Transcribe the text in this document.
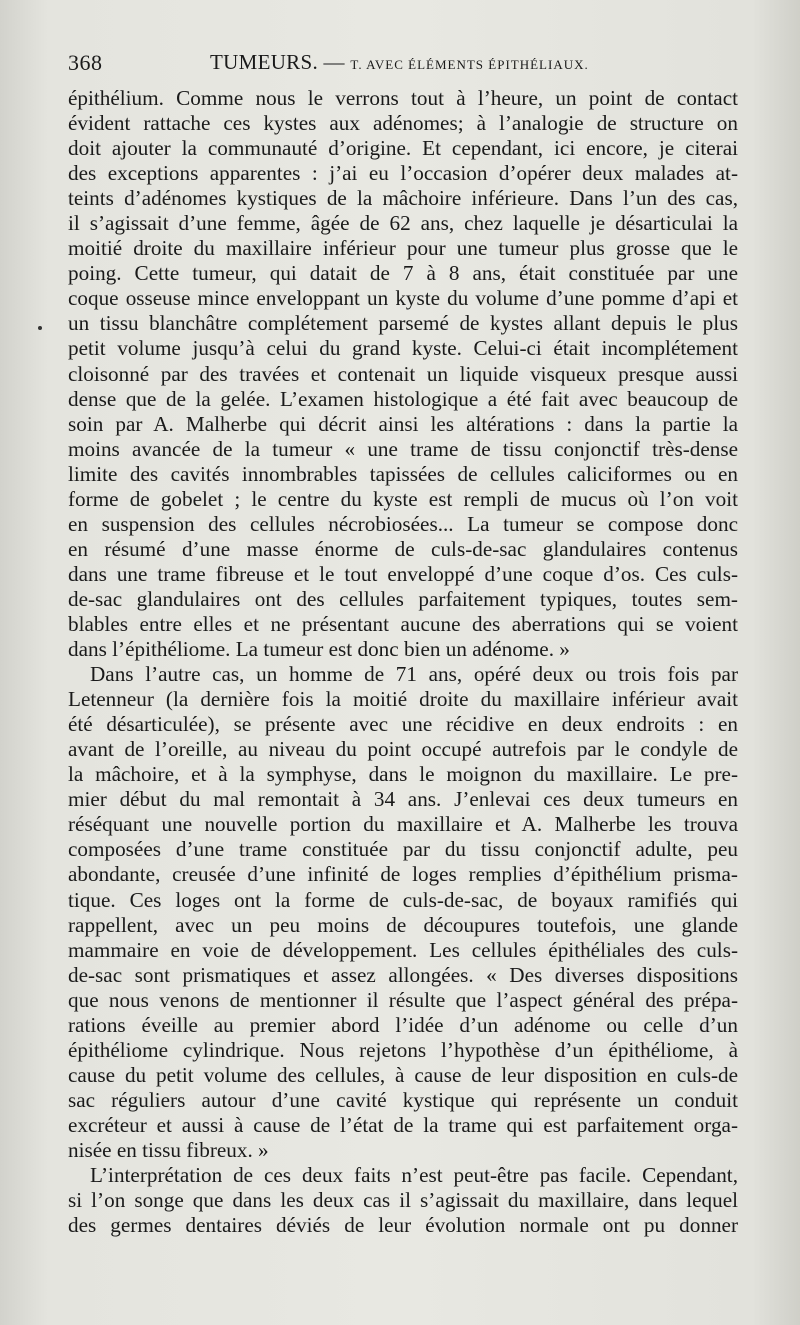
368	TUMEURS. — T. AVEC ÉLÉMENTS ÉPITHÉLIAUX.
épithélium. Comme nous le verrons tout à l’heure, un point de contact
évident rattache ces kystes aux adénomes; à l’analogie de structure on
doit ajouter la communauté d’origine. Et cependant, ici encore, je citerai
des exceptions apparentes : j’ai eu l’occasion d’opérer deux malades at-
teints d’adénomes kystiques de la mâchoire inférieure. Dans l’un des cas,
il s’agissait d’une femme, âgée de 62 ans, chez laquelle je désarticulai la
moitié droite du maxillaire inférieur pour une tumeur plus grosse que le
poing. Cette tumeur, qui datait de 7 à 8 ans, était constituée par une
coque osseuse mince enveloppant un kyste du volume d’une pomme d’api et
un tissu blanchâtre complétement parsemé de kystes allant depuis le plus
petit volume jusqu’à celui du grand kyste. Celui-ci était incomplétement
cloisonné par des travées et contenait un liquide visqueux presque aussi
dense que de la gelée. L’examen histologique a été fait avec beaucoup de
soin par A. Malherbe qui décrit ainsi les altérations : dans la partie la
moins avancée de la tumeur « une trame de tissu conjonctif très-dense
limite des cavités innombrables tapissées de cellules caliciformes ou en
forme de gobelet ; le centre du kyste est rempli de mucus où l’on voit
en suspension des cellules nécrobiosées... La tumeur se compose donc
en résumé d’une masse énorme de culs-de-sac glandulaires contenus
dans une trame fibreuse et le tout enveloppé d’une coque d’os. Ces culs-
de-sac glandulaires ont des cellules parfaitement typiques, toutes sem-
blables entre elles et ne présentant aucune des aberrations qui se voient
dans l’épithéliome. La tumeur est donc bien un adénome. »
Dans l’autre cas, un homme de 71 ans, opéré deux ou trois fois par
Letenneur (la dernière fois la moitié droite du maxillaire inférieur avait
été désarticulée), se présente avec une récidive en deux endroits : en
avant de l’oreille, au niveau du point occupé autrefois par le condyle de
la mâchoire, et à la symphyse, dans le moignon du maxillaire. Le pre-
mier début du mal remontait à 34 ans. J’enlevai ces deux tumeurs en
réséquant une nouvelle portion du maxillaire et A. Malherbe les trouva
composées d’une trame constituée par du tissu conjonctif adulte, peu
abondante, creusée d’une infinité de loges remplies d’épithélium prisma-
tique. Ces loges ont la forme de culs-de-sac, de boyaux ramifiés qui
rappellent, avec un peu moins de découpures toutefois, une glande
mammaire en voie de développement. Les cellules épithéliales des culs-
de-sac sont prismatiques et assez allongées. « Des diverses dispositions
que nous venons de mentionner il résulte que l’aspect général des prépa-
rations éveille au premier abord l’idée d’un adénome ou celle d’un
épithéliome cylindrique. Nous rejetons l’hypothèse d’un épithéliome, à
cause du petit volume des cellules, à cause de leur disposition en culs-de
sac réguliers autour d’une cavité kystique qui représente un conduit
excréteur et aussi à cause de l’état de la trame qui est parfaitement orga-
nisée en tissu fibreux. »
L’interprétation de ces deux faits n’est peut-être pas facile. Cependant,
si l’on songe que dans les deux cas il s’agissait du maxillaire, dans lequel
des germes dentaires déviés de leur évolution normale ont pu donner
